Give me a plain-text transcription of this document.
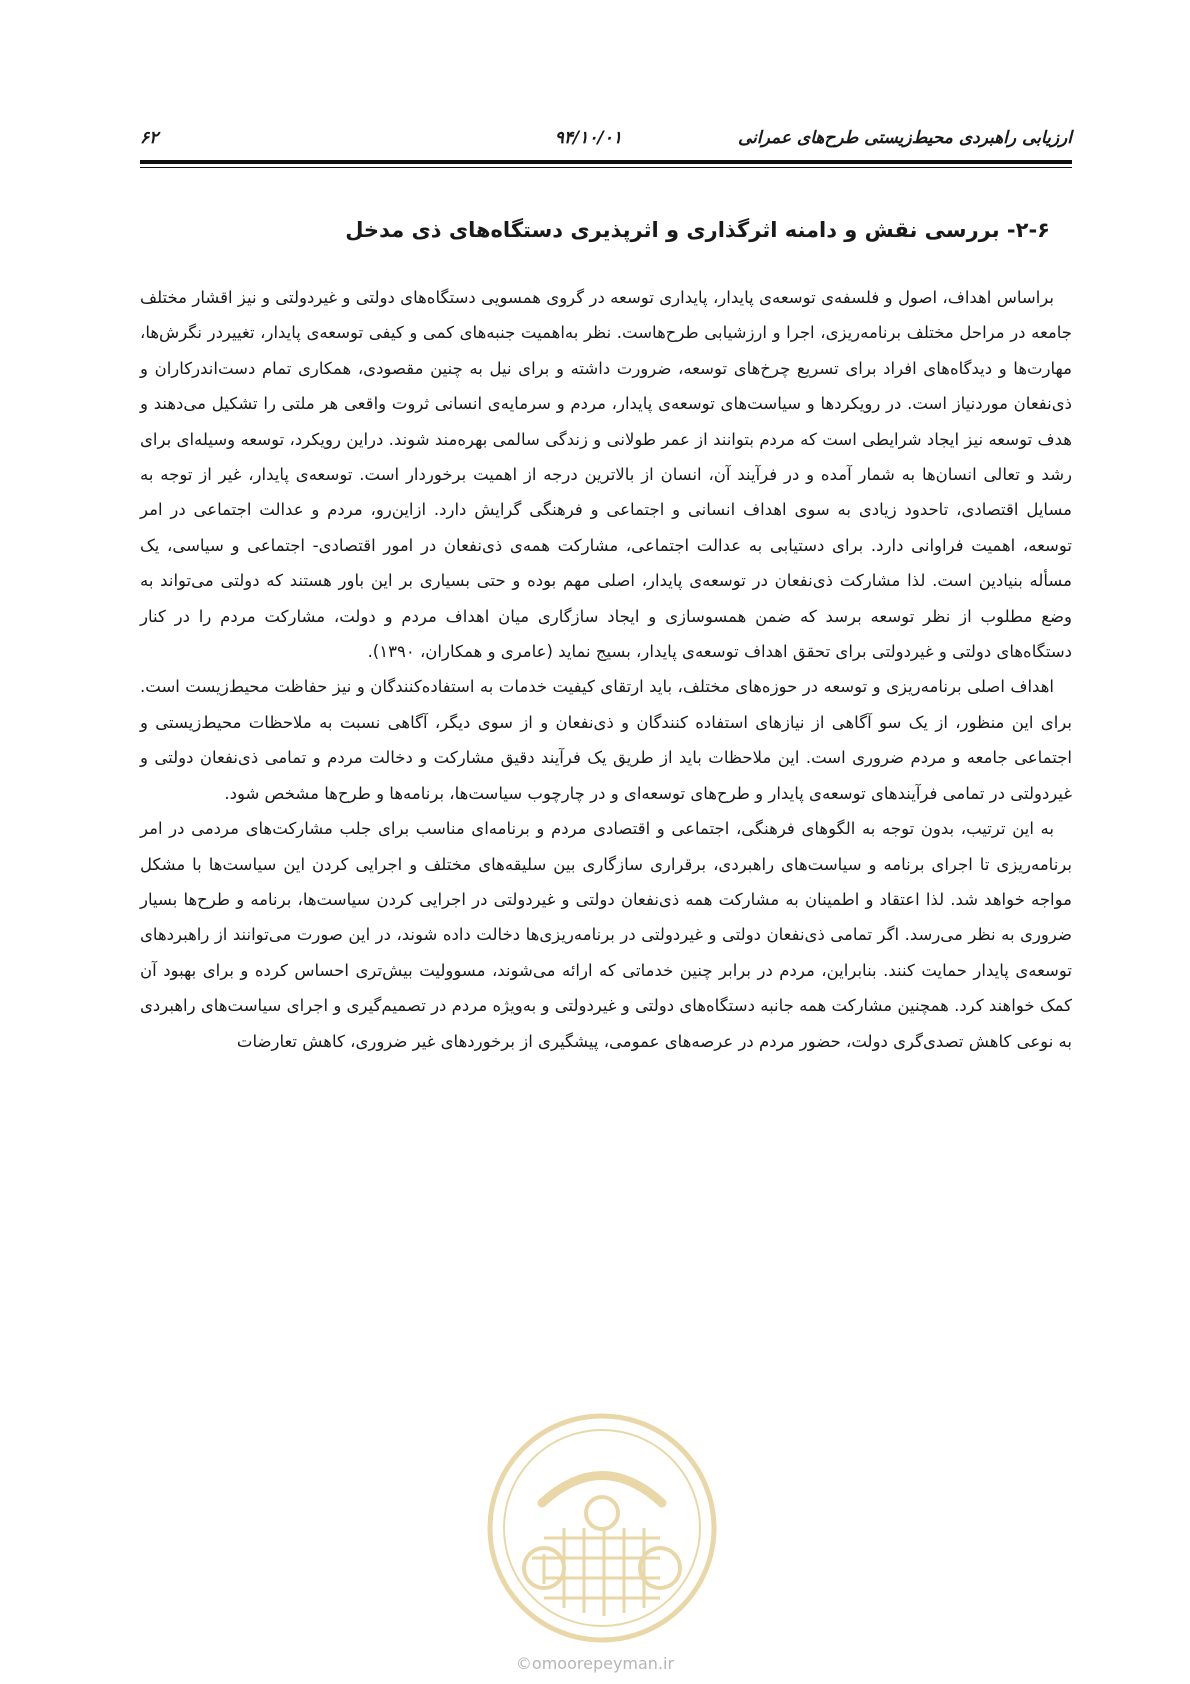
ارزیابی راهبردی محیط‌زیستی طرح‌های عمرانی
۹۴/۱۰/۰۱
۶۲
۲-۶- بررسی نقش و دامنه اثرگذاری و اثرپذیری دستگاه‌های ذی مدخل

براساس اهداف، اصول و فلسفه‌ی توسعه‌ی پایدار، پایداری توسعه در گروی همسویی دستگاه‌های دولتی و غیردولتی و نیز اقشار مختلف جامعه در مراحل مختلف برنامه‌ریزی، اجرا و ارزشیابی طرح‌هاست. نظر به‌اهمیت جنبه‌های کمی و کیفی توسعه‌ی پایدار، تغییردر نگرش‌ها، مهارت‌ها و دیدگاه‌های افراد برای تسریع چرخ‌های توسعه، ضرورت داشته و برای نیل به چنین مقصودی، همکاری تمام دست‌اندرکاران و ذی‌نفعان موردنیاز است. در رویکردها و سیاست‌های توسعه‌ی پایدار، مردم و سرمایه‌ی انسانی ثروت واقعی هر ملتی را تشکیل می‌دهند و هدف توسعه نیز ایجاد شرایطی است که مردم بتوانند از عمر طولانی و زندگی سالمی بهره‌مند شوند. دراین رویکرد، توسعه وسیله‌ای برای رشد و تعالی انسان‌ها به شمار آمده و در فرآیند آن، انسان از بالاترین درجه از اهمیت برخوردار است. توسعه‌ی پایدار، غیر از توجه به مسایل اقتصادی، تاحدود زیادی به سوی اهداف انسانی و اجتماعی و فرهنگی گرایش دارد. ازاین‌رو، مردم و عدالت اجتماعی در امر توسعه، اهمیت فراوانی دارد. برای دستیابی به عدالت اجتماعی، مشارکت همه‌ی ذی‌نفعان در امور اقتصادی- اجتماعی و سیاسی، یک مسأله بنیادین است. لذا مشارکت ذی‌نفعان در توسعه‌ی پایدار، اصلی مهم بوده و حتی بسیاری بر این باور هستند که دولتی می‌تواند به وضع مطلوب از نظر توسعه برسد که ضمن همسوسازی و ایجاد سازگاری میان اهداف مردم و دولت، مشارکت مردم را در کنار دستگاه‌های دولتی و غیردولتی برای تحقق اهداف توسعه‌ی پایدار، بسیج نماید (عامری و همکاران، ۱۳۹۰).

اهداف اصلی برنامه‌ریزی و توسعه در حوزه‌های مختلف، باید ارتقای کیفیت خدمات به استفاده‌کنندگان و نیز حفاظت محیط‌زیست است. برای این منظور، از یک سو آگاهی از نیازهای استفاده کنندگان و ذی‌نفعان و از سوی دیگر، آگاهی نسبت به ملاحظات محیط‌زیستی و اجتماعی جامعه و مردم ضروری است. این ملاحظات باید از طریق یک فرآیند دقیق مشارکت و دخالت مردم و تمامی ذی‌نفعان دولتی و غیردولتی در تمامی فرآیندهای توسعه‌ی پایدار و طرح‌های توسعه‌ای و در چارچوب سیاست‌ها، برنامه‌ها و طرح‌ها مشخص شود.

به این ترتیب، بدون توجه به الگوهای فرهنگی، اجتماعی و اقتصادی مردم و برنامه‌ای مناسب برای جلب مشارکت‌های مردمی در امر برنامه‌ریزی تا اجرای برنامه و سیاست‌های راهبردی، برقراری سازگاری بین سلیقه‌های مختلف و اجرایی کردن این سیاست‌ها با مشکل مواجه خواهد شد. لذا اعتقاد و اطمینان به مشارکت همه ذی‌نفعان دولتی و غیردولتی در اجرایی کردن سیاست‌ها، برنامه و طرح‌ها بسیار ضروری به نظر می‌رسد. اگر تمامی ذی‌نفعان دولتی و غیردولتی در برنامه‌ریزی‌ها دخالت داده شوند، در این صورت می‌توانند از راهبردهای توسعه‌ی پایدار حمایت کنند. بنابراین، مردم در برابر چنین خدماتی که ارائه می‌شوند، مسوولیت بیش‌تری احساس کرده و برای بهبود آن کمک خواهند کرد. همچنین مشارکت همه جانبه دستگاه‌های دولتی و غیردولتی و به‌ویژه مردم در تصمیم‌گیری و اجرای سیاست‌های راهبردی به نوعی کاهش تصدی‌گری دولت، حضور مردم در عرصه‌های عمومی، پیشگیری از برخوردهای غیر ضروری، کاهش تعارضات

©omoorepeyman.ir
